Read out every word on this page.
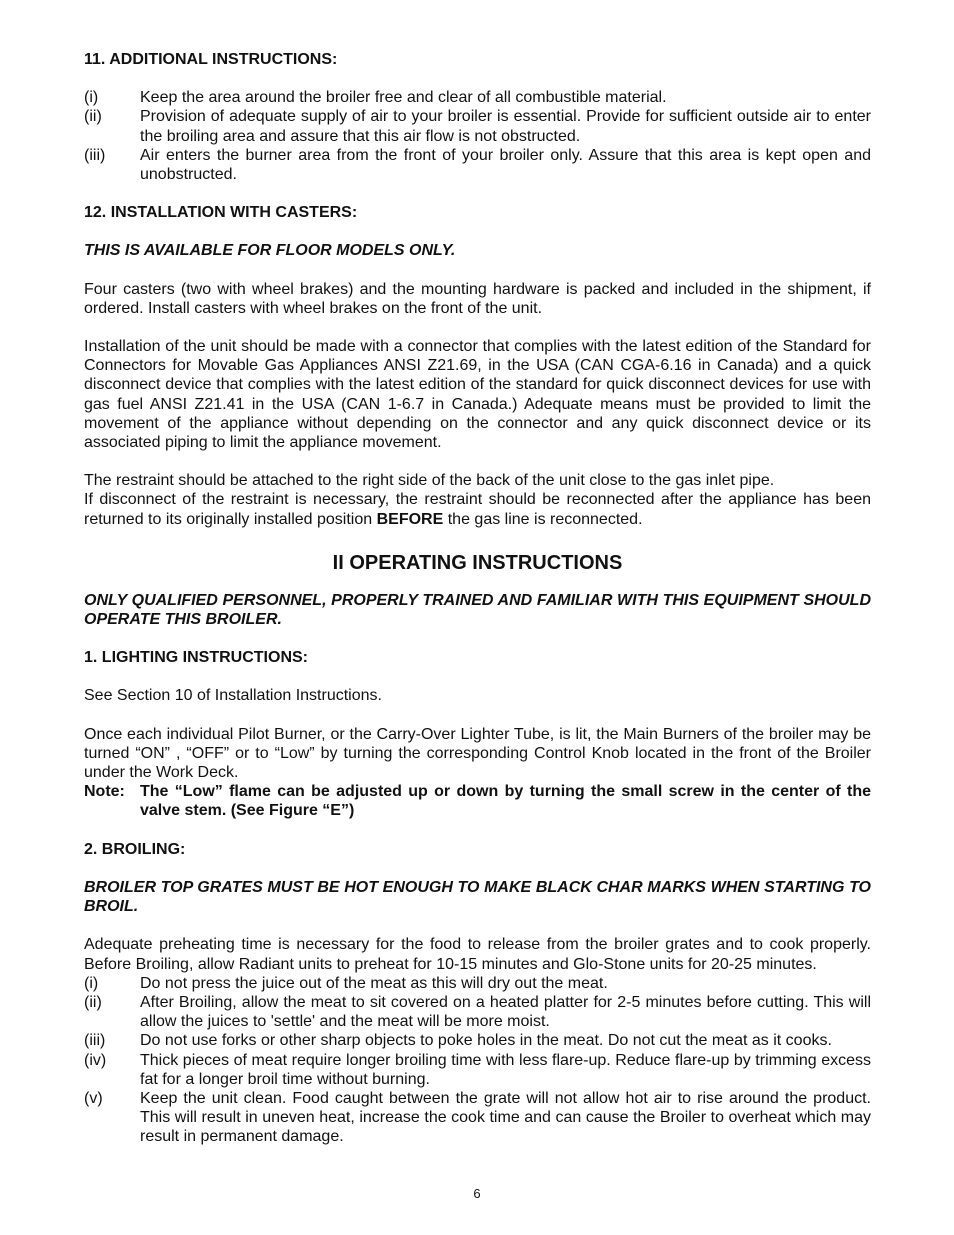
11. ADDITIONAL INSTRUCTIONS:

(i)	Keep the area around the broiler free and clear of all combustible material.
(ii)	Provision of adequate supply of air to your broiler is essential. Provide for sufficient outside air to enter the broiling area and assure that this air flow is not obstructed.
(iii)	Air enters the burner area from the front of your broiler only. Assure that this area is kept open and unobstructed.

12. INSTALLATION WITH CASTERS:

THIS IS AVAILABLE FOR FLOOR MODELS ONLY.

Four casters (two with wheel brakes) and the mounting hardware is packed and included in the shipment, if ordered. Install casters with wheel brakes on the front of the unit.

Installation of the unit should be made with a connector that complies with the latest edition of the Standard for Connectors for Movable Gas Appliances ANSI Z21.69, in the USA (CAN CGA-6.16 in Canada) and a quick disconnect device that complies with the latest edition of the standard for quick disconnect devices for use with gas fuel ANSI Z21.41 in the USA (CAN 1-6.7 in Canada.) Adequate means must be provided to limit the movement of the appliance without depending on the connector and any quick disconnect device or its associated piping to limit the appliance movement.

The restraint should be attached to the right side of the back of the unit close to the gas inlet pipe.

If disconnect of the restraint is necessary, the restraint should be reconnected after the appliance has been returned to its originally installed position BEFORE the gas line is reconnected.

II OPERATING INSTRUCTIONS

ONLY QUALIFIED PERSONNEL, PROPERLY TRAINED AND FAMILIAR WITH THIS EQUIPMENT SHOULD OPERATE THIS BROILER.

1. LIGHTING INSTRUCTIONS:

See Section 10 of Installation Instructions.

Once each individual Pilot Burner, or the Carry-Over Lighter Tube, is lit, the Main Burners of the broiler may be turned “ON” , “OFF” or to “Low” by turning the corresponding Control Knob located in the front of the Broiler under the Work Deck.

Note: The “Low” flame can be adjusted up or down by turning the small screw in the center of the valve stem. (See Figure “E”)

2. BROILING:

BROILER TOP GRATES MUST BE HOT ENOUGH TO MAKE BLACK CHAR MARKS WHEN STARTING TO BROIL.

Adequate preheating time is necessary for the food to release from the broiler grates and to cook properly. Before Broiling, allow Radiant units to preheat for 10-15 minutes and Glo-Stone units for 20-25 minutes.

(i)	Do not press the juice out of the meat as this will dry out the meat.
(ii)	After Broiling, allow the meat to sit covered on a heated platter for 2-5 minutes before cutting. This will allow the juices to 'settle' and the meat will be more moist.
(iii)	Do not use forks or other sharp objects to poke holes in the meat. Do not cut the meat as it cooks.
(iv)	Thick pieces of meat require longer broiling time with less flare-up. Reduce flare-up by trimming excess fat for a longer broil time without burning.
(v)	Keep the unit clean. Food caught between the grate will not allow hot air to rise around the product. This will result in uneven heat, increase the cook time and can cause the Broiler to overheat which may result in permanent damage.
6
